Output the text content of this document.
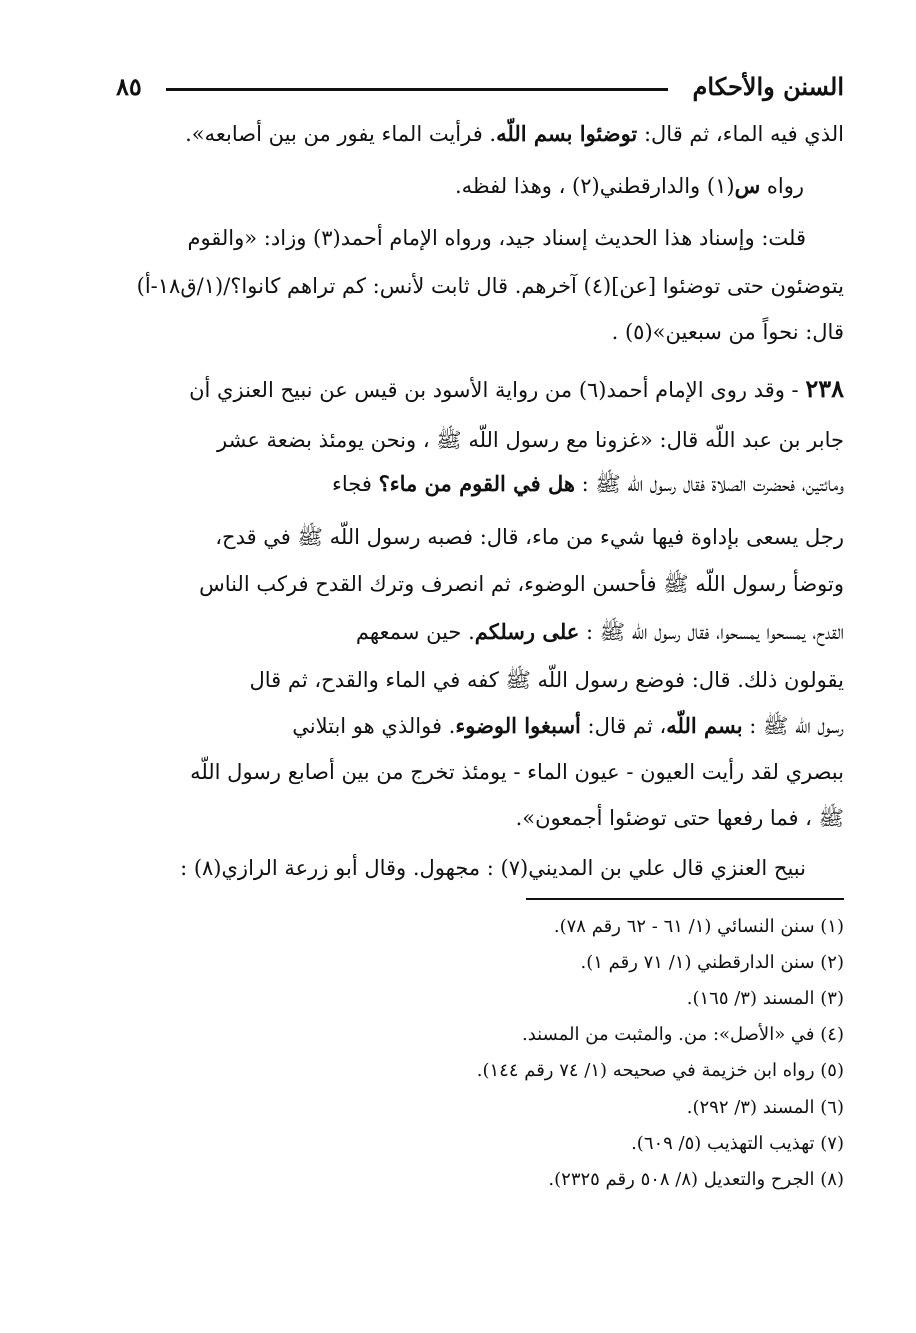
السنن والأحكام
٨٥
الذي فيه الماء، ثم قال: توضئوا بسم اللّه. فرأيت الماء يفور من بين أصابعه».
رواه س(١) والدارقطني(٢) ، وهذا لفظه.
قلت: وإسناد هذا الحديث إسناد جيد، ورواه الإمام أحمد(٣) وزاد: «والقوم
يتوضئون حتى توضئوا [عن](٤) آخرهم. قال ثابت لأنس: كم تراهم كانوا؟/(١/ق١٨-أ)
قال: نحواً من سبعين»(٥) .
٢٣٨ - وقد روى الإمام أحمد(٦) من رواية الأسود بن قيس عن نبيح العنزي أن
جابر بن عبد اللّه قال: «غزونا مع رسول اللّه ﷺ ، ونحن يومئذ بضعة عشر
ومائتين، فحضرت الصلاة فقال رسول اللّه ﷺ : هل في القوم من ماء؟ فجاء
رجل يسعى بإداوة فيها شيء من ماء، قال: فصبه رسول اللّه ﷺ في قدح،
وتوضأ رسول اللّه ﷺ فأحسن الوضوء، ثم انصرف وترك القدح فركب الناس
القدح، يمسحوا يمسحوا، فقال رسول اللّه ﷺ : على رسلكم. حين سمعهم
يقولون ذلك. قال: فوضع رسول اللّه ﷺ كفه في الماء والقدح، ثم قال
رسول اللّه ﷺ : بسم اللّه، ثم قال: أسبغوا الوضوء. فوالذي هو ابتلاني
ببصري لقد رأيت العيون - عيون الماء - يومئذ تخرج من بين أصابع رسول اللّه
ﷺ ، فما رفعها حتى توضئوا أجمعون».
نبيح العنزي قال علي بن المديني(٧) : مجهول. وقال أبو زرعة الرازي(٨) :
(١) سنن النسائي (١/ ٦١ - ٦٢ رقم ٧٨).
(٢) سنن الدارقطني (١/ ٧١ رقم ١).
(٣) المسند (٣/ ١٦٥).
(٤) في «الأصل»: من. والمثبت من المسند.
(٥) رواه ابن خزيمة في صحيحه (١/ ٧٤ رقم ١٤٤).
(٦) المسند (٣/ ٢٩٢).
(٧) تهذيب التهذيب (٥/ ٦٠٩).
(٨) الجرح والتعديل (٨/ ٥٠٨ رقم ٢٣٢٥).
